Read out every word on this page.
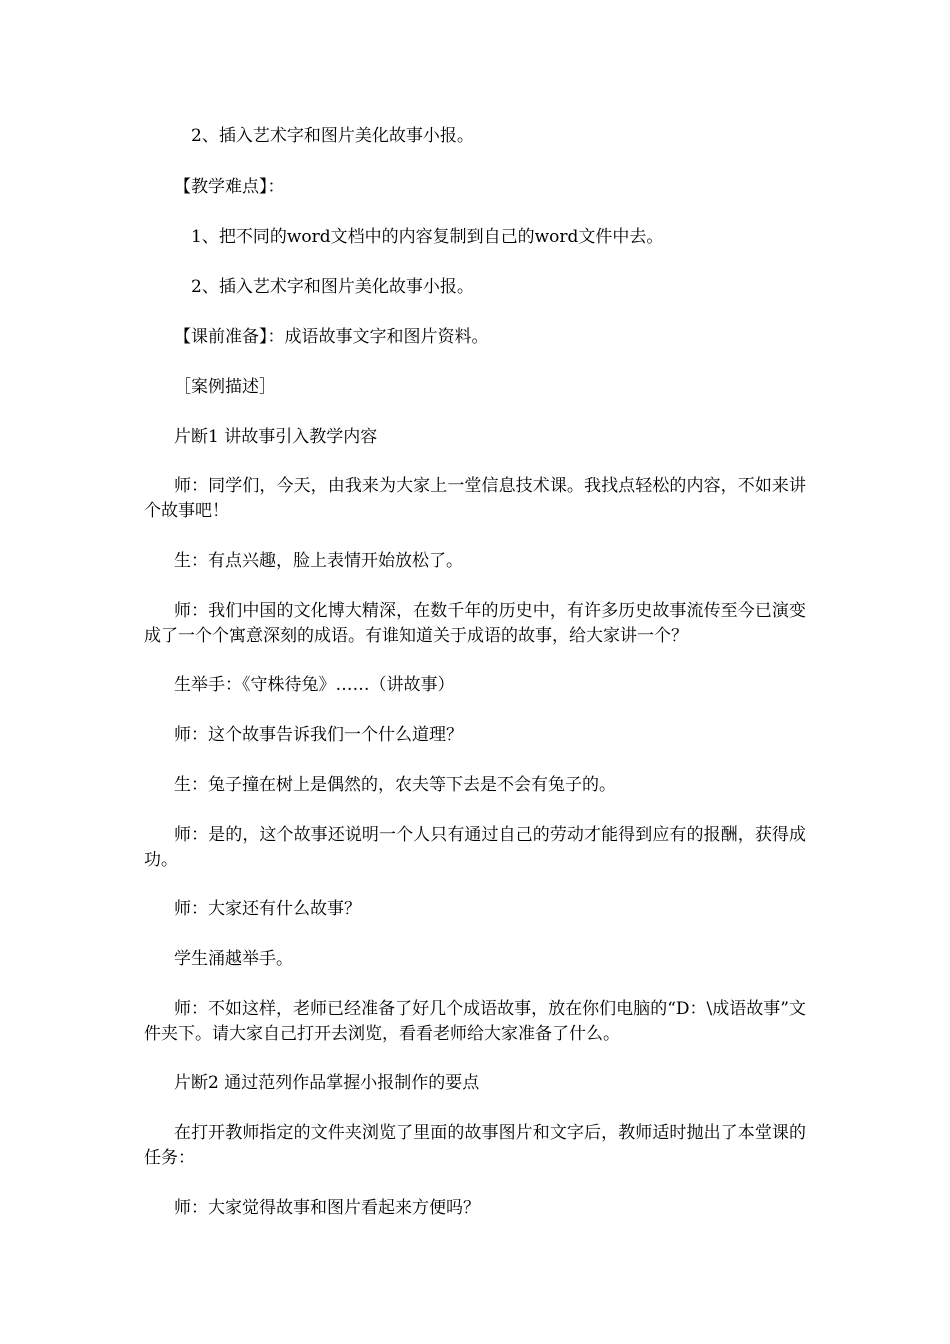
2、插入艺术字和图片美化故事小报。
【教学难点】：
1、把不同的word文档中的内容复制到自己的word文件中去。
2、插入艺术字和图片美化故事小报。
【课前准备】：成语故事文字和图片资料。
［案例描述］
片断1 讲故事引入教学内容
师：同学们，今天，由我来为大家上一堂信息技术课。我找点轻松的内容，不如来讲个故事吧！
生：有点兴趣，脸上表情开始放松了。
师：我们中国的文化博大精深，在数千年的历史中，有许多历史故事流传至今已演变成了一个个寓意深刻的成语。有谁知道关于成语的故事，给大家讲一个？
生举手：《守株待兔》……（讲故事）
师：这个故事告诉我们一个什么道理？
生：兔子撞在树上是偶然的，农夫等下去是不会有兔子的。
师：是的，这个故事还说明一个人只有通过自己的劳动才能得到应有的报酬，获得成功。
师：大家还有什么故事？
学生涌越举手。
师：不如这样，老师已经准备了好几个成语故事，放在你们电脑的“D：\成语故事”文件夹下。请大家自己打开去浏览，看看老师给大家准备了什么。
片断2 通过范列作品掌握小报制作的要点
在打开教师指定的文件夹浏览了里面的故事图片和文字后，教师适时抛出了本堂课的任务：
师：大家觉得故事和图片看起来方便吗？
